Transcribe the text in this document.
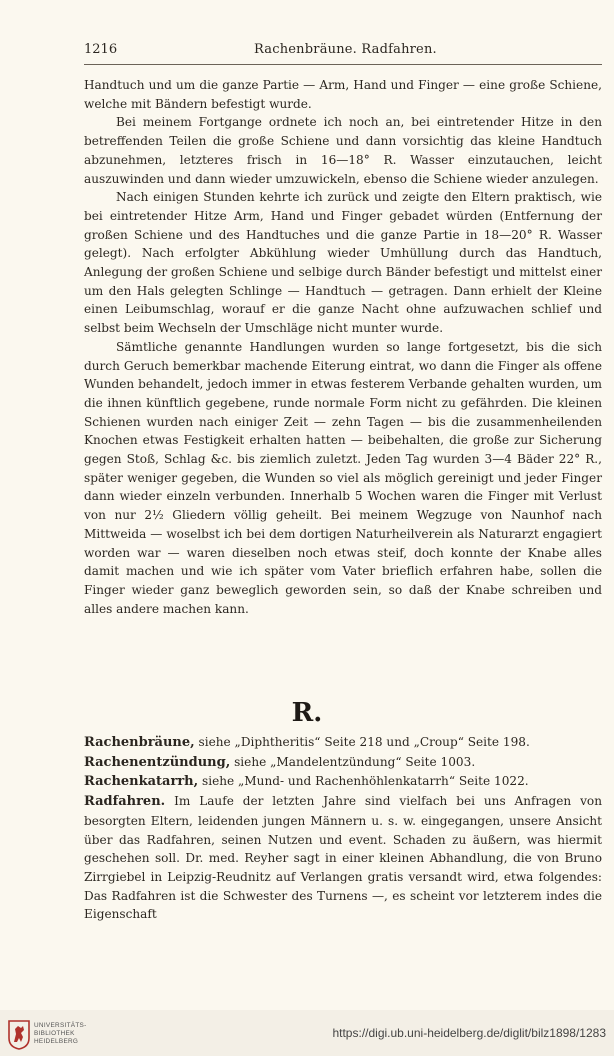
1216	Rachenbräune. Radfahren.

Handtuch und um die ganze Partie — Arm, Hand und Finger — eine große Schiene, welche mit Bändern befestigt wurde.

Bei meinem Fortgange ordnete ich noch an, bei eintretender Hitze in den betreffenden Teilen die große Schiene und dann vorsichtig das kleine Handtuch abzunehmen, letzteres frisch in 16—18° R. Wasser einzutauchen, leicht auszuwinden und dann wieder umzuwickeln, ebenso die Schiene wieder anzulegen.

Nach einigen Stunden kehrte ich zurück und zeigte den Eltern praktisch, wie bei eintretender Hitze Arm, Hand und Finger gebadet würden (Entfernung der großen Schiene und des Handtuches und die ganze Partie in 18—20° R. Wasser gelegt). Nach erfolgter Abkühlung wieder Umhüllung durch das Handtuch, Anlegung der großen Schiene und selbige durch Bänder befestigt und mittelst einer um den Hals gelegten Schlinge — Handtuch — getragen. Dann erhielt der Kleine einen Leibumschlag, worauf er die ganze Nacht ohne aufzuwachen schlief und selbst beim Wechseln der Umschläge nicht munter wurde.

Sämtliche genannte Handlungen wurden so lange fortgesetzt, bis die sich durch Geruch bemerkbar machende Eiterung eintrat, wo dann die Finger als offene Wunden behandelt, jedoch immer in etwas festerem Verbande gehalten wurden, um die ihnen künftlich gegebene, runde normale Form nicht zu gefährden. Die kleinen Schienen wurden nach einiger Zeit — zehn Tagen — bis die zusammenheilenden Knochen etwas Festigkeit erhalten hatten — beibehalten, die große zur Sicherung gegen Stoß, Schlag &c. bis ziemlich zuletzt. Jeden Tag wurden 3—4 Bäder 22° R., später weniger gegeben, die Wunden so viel als möglich gereinigt und jeder Finger dann wieder einzeln verbunden. Innerhalb 5 Wochen waren die Finger mit Verlust von nur 2½ Gliedern völlig geheilt. Bei meinem Wegzuge von Naunhof nach Mittweida — woselbst ich bei dem dortigen Naturheilverein als Naturarzt engagiert worden war — waren dieselben noch etwas steif, doch konnte der Knabe alles damit machen und wie ich später vom Vater brieflich erfahren habe, sollen die Finger wieder ganz beweglich geworden sein, so daß der Knabe schreiben und alles andere machen kann.

R.

Rachenbräune, siehe „Diphtheritis“ Seite 218 und „Croup“ Seite 198.

Rachenentzündung, siehe „Mandelentzündung“ Seite 1003.

Rachenkatarrh, siehe „Mund- und Rachenhöhlenkatarrh“ Seite 1022.

Radfahren. Im Laufe der letzten Jahre sind vielfach bei uns Anfragen von besorgten Eltern, leidenden jungen Männern u. s. w. eingegangen, unsere Ansicht über das Radfahren, seinen Nutzen und event. Schaden zu äußern, was hiermit geschehen soll. Dr. med. Reyher sagt in einer kleinen Abhandlung, die von Bruno Zirrgiebel in Leipzig-Reudnitz auf Verlangen gratis versandt wird, etwa folgendes: Das Radfahren ist die Schwester des Turnens —, es scheint vor letzterem indes die Eigenschaft

UNIVERSITÄTS-
BIBLIOTHEK
HEIDELBERG
https://digi.ub.uni-heidelberg.de/diglit/bilz1898/1283
